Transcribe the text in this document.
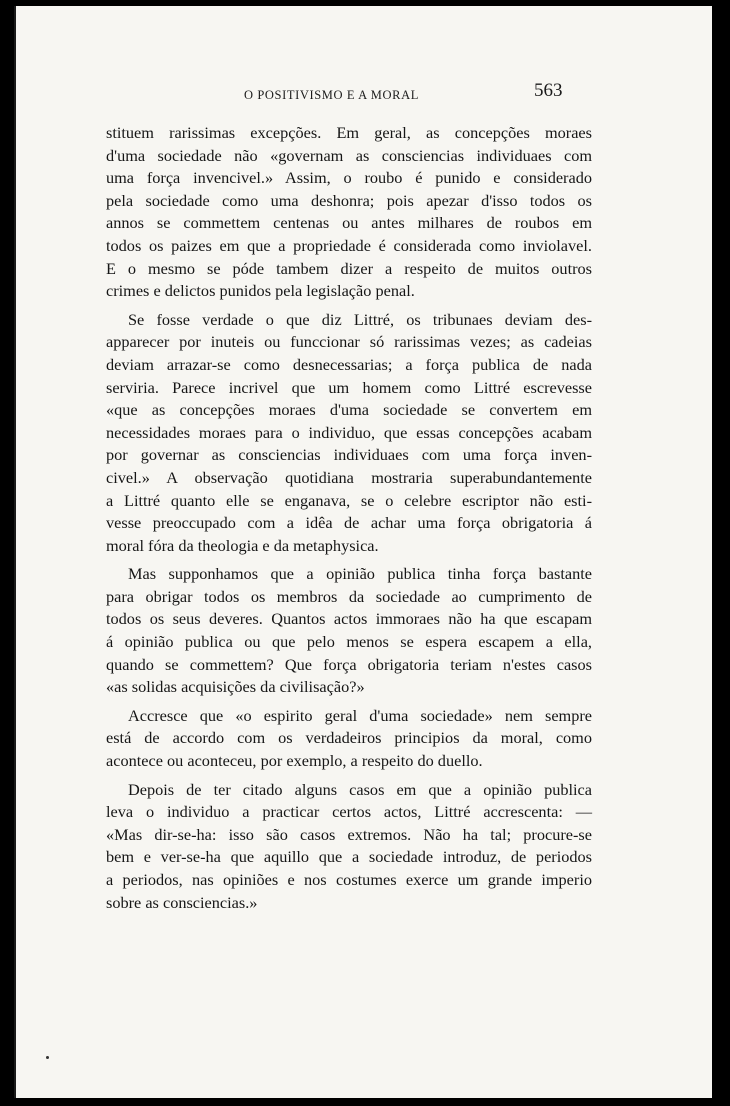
O POSITIVISMO E A MORAL	563

stituem rarissimas excepções. Em geral, as concepções moraes
d'uma sociedade não «governam as consciencias individuaes com
uma força invencivel.» Assim, o roubo é punido e considerado
pela sociedade como uma deshonra; pois apezar d'isso todos os
annos se commettem centenas ou antes milhares de roubos em
todos os paizes em que a propriedade é considerada como inviolavel.
E o mesmo se póde tambem dizer a respeito de muitos outros
crimes e delictos punidos pela legislação penal.

Se fosse verdade o que diz Littré, os tribunaes deviam des-
apparecer por inuteis ou funccionar só rarissimas vezes; as cadeias
deviam arrazar-se como desnecessarias; a força publica de nada
serviria. Parece incrivel que um homem como Littré escrevesse
«que as concepções moraes d'uma sociedade se convertem em
necessidades moraes para o individuo, que essas concepções acabam
por governar as consciencias individuaes com uma força inven-
civel.» A observação quotidiana mostraria superabundantemente
a Littré quanto elle se enganava, se o celebre escriptor não esti-
vesse preoccupado com a idêa de achar uma força obrigatoria á
moral fóra da theologia e da metaphysica.

Mas supponhamos que a opinião publica tinha força bastante
para obrigar todos os membros da sociedade ao cumprimento de
todos os seus deveres. Quantos actos immoraes não ha que escapam
á opinião publica ou que pelo menos se espera escapem a ella,
quando se commettem? Que força obrigatoria teriam n'estes casos
«as solidas acquisições da civilisação?»

Accresce que «o espirito geral d'uma sociedade» nem sempre
está de accordo com os verdadeiros principios da moral, como
acontece ou aconteceu, por exemplo, a respeito do duello.

Depois de ter citado alguns casos em que a opinião publica
leva o individuo a practicar certos actos, Littré accrescenta: —
«Mas dir-se-ha: isso são casos extremos. Não ha tal; procure-se
bem e ver-se-ha que aquillo que a sociedade introduz, de periodos
a periodos, nas opiniões e nos costumes exerce um grande imperio
sobre as consciencias.»
